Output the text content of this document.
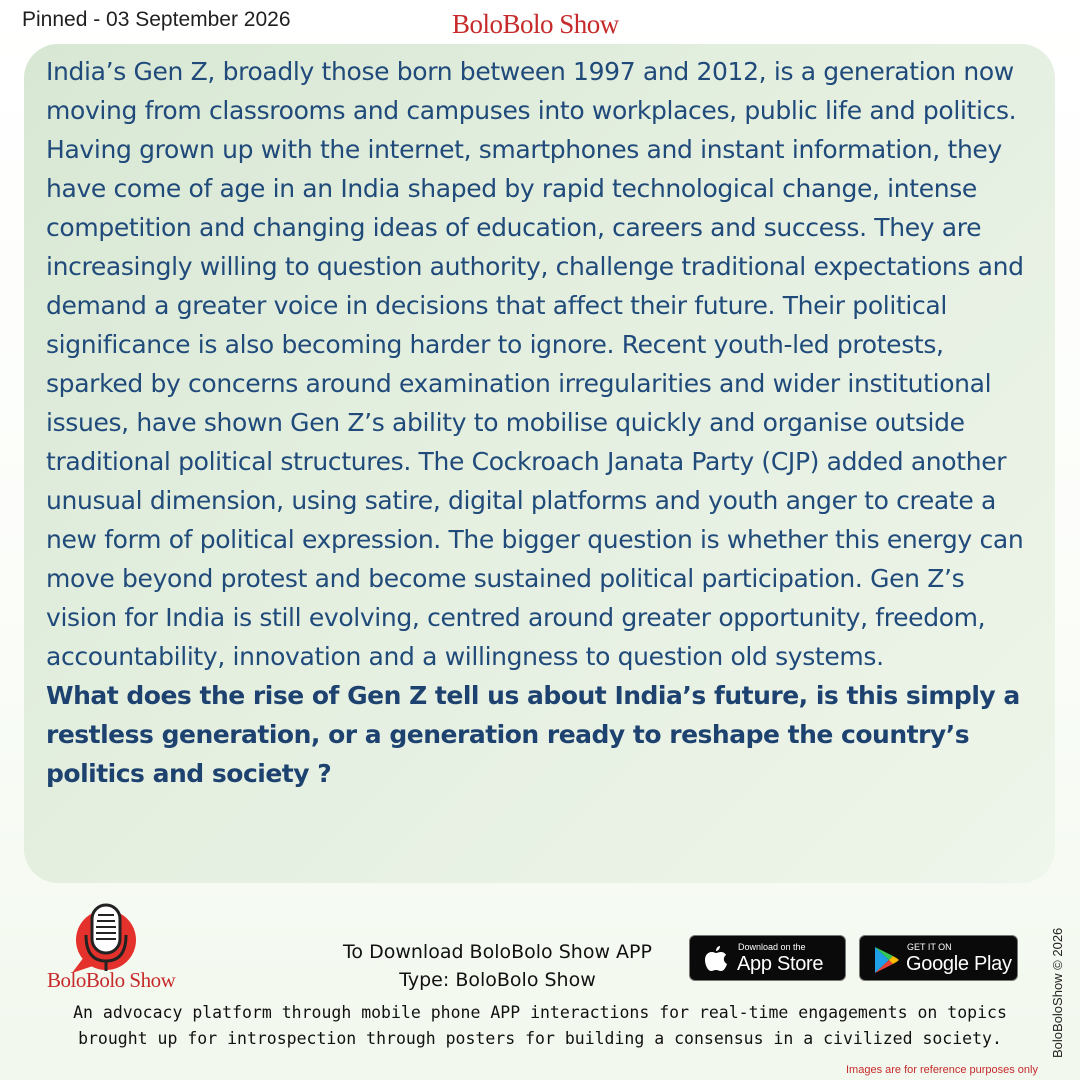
Pinned - 03 September 2026	BoloBolo Show

India’s Gen Z, broadly those born between 1997 and 2012, is a generation now moving from classrooms and campuses into workplaces, public life and politics. Having grown up with the internet, smartphones and instant information, they have come of age in an India shaped by rapid technological change, intense competition and changing ideas of education, careers and success. They are increasingly willing to question authority, challenge traditional expectations and demand a greater voice in decisions that affect their future. Their political significance is also becoming harder to ignore. Recent youth-led protests, sparked by concerns around examination irregularities and wider institutional issues, have shown Gen Z’s ability to mobilise quickly and organise outside traditional political structures. The Cockroach Janata Party (CJP) added another unusual dimension, using satire, digital platforms and youth anger to create a new form of political expression. The bigger question is whether this energy can move beyond protest and become sustained political participation. Gen Z’s vision for India is still evolving, centred around greater opportunity, freedom, accountability, innovation and a willingness to question old systems.

What does the rise of Gen Z tell us about India’s future, is this simply a restless generation, or a generation ready to reshape the country’s politics and society ?

BoloBolo Show
To Download BoloBolo Show APP
Type: BoloBolo Show
Download on the
App Store
GET IT ON
Google Play
An advocacy platform through mobile phone APP interactions for real-time engagements on topics
brought up for introspection through posters for building a consensus in a civilized society.	BoloBoloShow © 2026
Images are for reference purposes only
